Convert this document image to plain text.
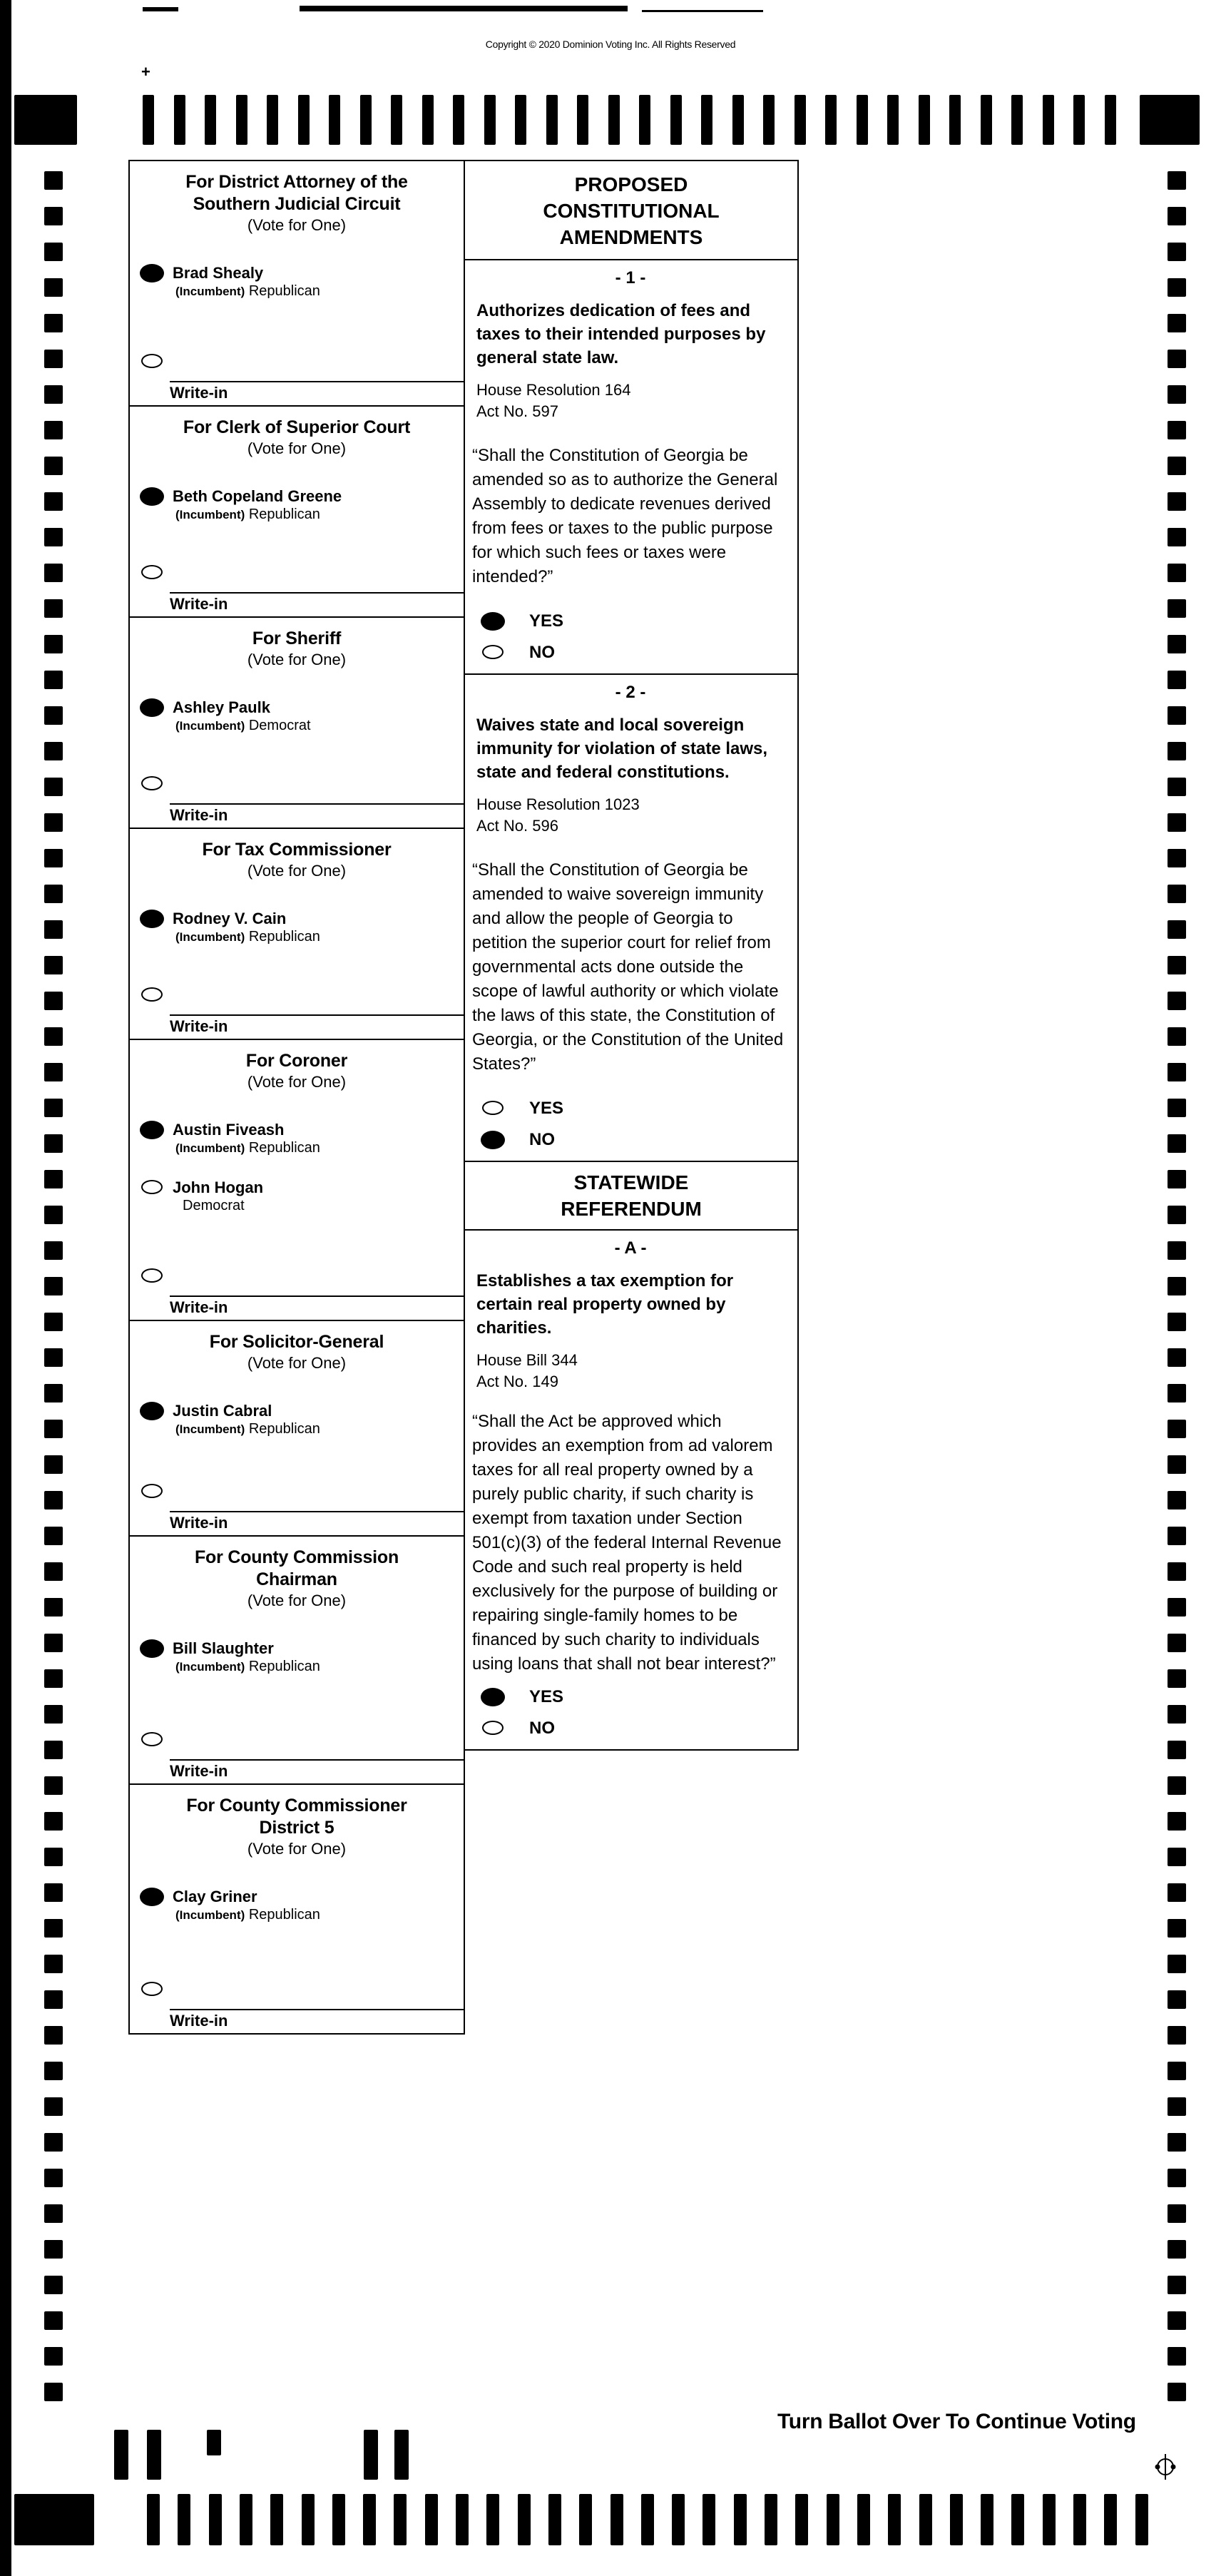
Copyright © 2020 Dominion Voting Inc. All Rights Reserved
+
For District Attorney of the Southern Judicial Circuit
(Vote for One)
Brad Shealy
(Incumbent) Republican
Write-in
For Clerk of Superior Court
(Vote for One)
Beth Copeland Greene
(Incumbent) Republican
Write-in
For Sheriff
(Vote for One)
Ashley Paulk
(Incumbent) Democrat
Write-in
For Tax Commissioner
(Vote for One)
Rodney V. Cain
(Incumbent) Republican
Write-in
For Coroner
(Vote for One)
Austin Fiveash
(Incumbent) Republican
John Hogan
Democrat
Write-in
For Solicitor-General
(Vote for One)
Justin Cabral
(Incumbent) Republican
Write-in
For County Commission Chairman
(Vote for One)
Bill Slaughter
(Incumbent) Republican
Write-in
For County Commissioner District 5
(Vote for One)
Clay Griner
(Incumbent) Republican
Write-in
PROPOSED CONSTITUTIONAL AMENDMENTS
- 1 -
Authorizes dedication of fees and taxes to their intended purposes by general state law.
House Resolution 164
Act No. 597
“Shall the Constitution of Georgia be amended so as to authorize the General Assembly to dedicate revenues derived from fees or taxes to the public purpose for which such fees or taxes were intended?”
YES
NO
- 2 -
Waives state and local sovereign immunity for violation of state laws, state and federal constitutions.
House Resolution 1023
Act No. 596
“Shall the Constitution of Georgia be amended to waive sovereign immunity and allow the people of Georgia to petition the superior court for relief from governmental acts done outside the scope of lawful authority or which violate the laws of this state, the Constitution of Georgia, or the Constitution of the United States?”
YES
NO
STATEWIDE REFERENDUM
- A -
Establishes a tax exemption for certain real property owned by charities.
House Bill 344
Act No. 149
“Shall the Act be approved which provides an exemption from ad valorem taxes for all real property owned by a purely public charity, if such charity is exempt from taxation under Section 501(c)(3) of the federal Internal Revenue Code and such real property is held exclusively for the purpose of building or repairing single-family homes to be financed by such charity to individuals using loans that shall not bear interest?”
YES
NO
19
Turn Ballot Over To Continue Voting
